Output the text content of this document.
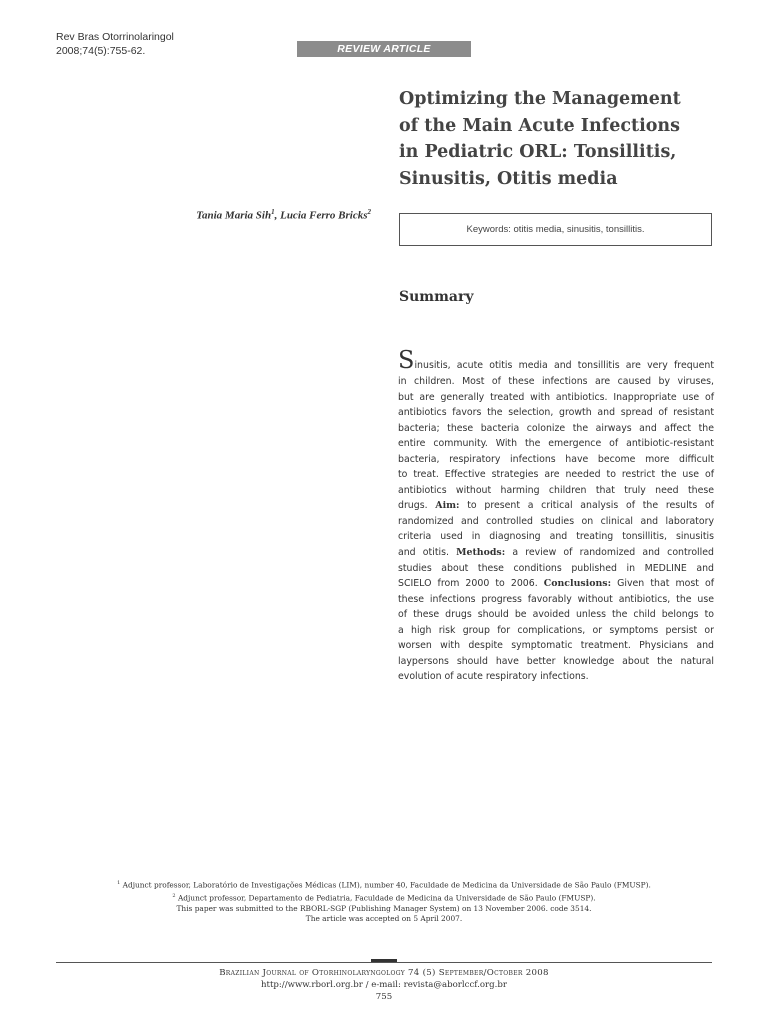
Rev Bras Otorrinolaringol
2008;74(5):755-62.	REVIEW ARTICLE
Optimizing the Management
of the Main Acute Infections
in Pediatric ORL: Tonsillitis,
Sinusitis, Otitis media
Tania Maria Sih$^1$, Lucia Ferro Bricks$^2$
Keywords: otitis media, sinusitis, tonsillitis.
Summary
Sinusitis, acute otitis media and tonsillitis are very frequent
in children. Most of these infections are caused by viruses,
but are generally treated with antibiotics. Inappropriate use of
antibiotics favors the selection, growth and spread of resistant
bacteria; these bacteria colonize the airways and affect the
entire community. With the emergence of antibiotic-resistant
bacteria, respiratory infections have become more difficult
to treat. Effective strategies are needed to restrict the use of
antibiotics without harming children that truly need these
drugs. Aim: to present a critical analysis of the results of
randomized and controlled studies on clinical and laboratory
criteria used in diagnosing and treating tonsillitis, sinusitis
and otitis. Methods: a review of randomized and controlled
studies about these conditions published in MEDLINE and
SCIELO from 2000 to 2006. Conclusions: Given that most of
these infections progress favorably without antibiotics, the use
of these drugs should be avoided unless the child belongs to
a high risk group for complications, or symptoms persist or
worsen with despite symptomatic treatment. Physicians and
laypersons should have better knowledge about the natural
evolution of acute respiratory infections.
$^1$ Adjunct professor, Laboratório de Investigações Médicas (LIM), number 40, Faculdade de Medicina da Universidade de São Paulo (FMUSP).
$^2$ Adjunct professor, Departamento de Pediatria, Faculdade de Medicina da Universidade de São Paulo (FMUSP).
This paper was submitted to the RBORL-SGP (Publishing Manager System) on 13 November 2006. code 3514.
The article was accepted on 5 April 2007.
Brazilian Journal of Otorhinolaryngology 74 (5) September/October 2008
http://www.rborl.org.br / e-mail: revista@aborlccf.org.br
755
